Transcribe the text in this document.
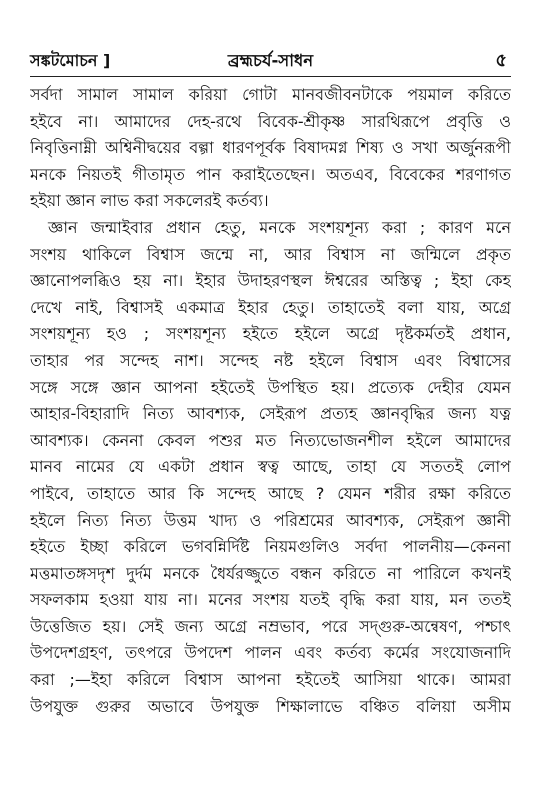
সঙ্কটমোচন ]	ব্রহ্মচর্য-সাধন	৫
সর্বদা সামাল সামাল করিয়া গোটা মানবজীবনটাকে পয়মাল করিতে
হইবে না। আমাদের দেহ-রথে বিবেক-শ্রীকৃষ্ণ সারথিরূপে প্রবৃত্তি ও
নিবৃত্তিনাম্নী অশ্বিনীদ্বয়ের বল্গা ধারণপূর্বক বিষাদমগ্ন শিষ্য ও সখা অর্জুনরূপী
মনকে নিয়তই গীতামৃত পান করাইতেছেন। অতএব, বিবেকের শরণাগত
হইয়া জ্ঞান লাভ করা সকলেরই কর্তব্য।
জ্ঞান জন্মাইবার প্রধান হেতু, মনকে সংশয়শূন্য করা ; কারণ মনে
সংশয় থাকিলে বিশ্বাস জন্মে না, আর বিশ্বাস না জন্মিলে প্রকৃত
জ্ঞানোপলব্ধিও হয় না। ইহার উদাহরণস্থল ঈশ্বরের অস্তিত্ব ; ইহা কেহ
দেখে নাই, বিশ্বাসই একমাত্র ইহার হেতু। তাহাতেই বলা যায়, অগ্রে
সংশয়শূন্য হও ; সংশয়শূন্য হইতে হইলে অগ্রে দৃষ্টকর্মতই প্রধান,
তাহার পর সন্দেহ নাশ। সন্দেহ নষ্ট হইলে বিশ্বাস এবং বিশ্বাসের
সঙ্গে সঙ্গে জ্ঞান আপনা হইতেই উপস্থিত হয়। প্রত্যেক দেহীর যেমন
আহার-বিহারাদি নিত্য আবশ্যক, সেইরূপ প্রত্যহ জ্ঞানবৃদ্ধির জন্য যত্ন
আবশ্যক। কেননা কেবল পশুর মত নিত্যভোজনশীল হইলে আমাদের
মানব নামের যে একটা প্রধান স্বত্ব আছে, তাহা যে সততই লোপ
পাইবে, তাহাতে আর কি সন্দেহ আছে ? যেমন শরীর রক্ষা করিতে
হইলে নিত্য নিত্য উত্তম খাদ্য ও পরিশ্রমের আবশ্যক, সেইরূপ জ্ঞানী
হইতে ইচ্ছা করিলে ভগবন্নির্দিষ্ট নিয়মগুলিও সর্বদা পালনীয়—কেননা
মত্তমাতঙ্গসদৃশ দুর্দম মনকে ধৈর্যরজ্জুতে বন্ধন করিতে না পারিলে কখনই
সফলকাম হওয়া যায় না। মনের সংশয় যতই বৃদ্ধি করা যায়, মন ততই
উত্তেজিত হয়। সেই জন্য অগ্রে নম্রভাব, পরে সদ্গুরু-অন্বেষণ, পশ্চাৎ
উপদেশগ্রহণ, তৎপরে উপদেশ পালন এবং কর্তব্য কর্মের সংযোজনাদি
করা ;—ইহা করিলে বিশ্বাস আপনা হইতেই আসিয়া থাকে। আমরা
উপযুক্ত গুরুর অভাবে উপযুক্ত শিক্ষালাভে বঞ্চিত বলিয়া অসীম
